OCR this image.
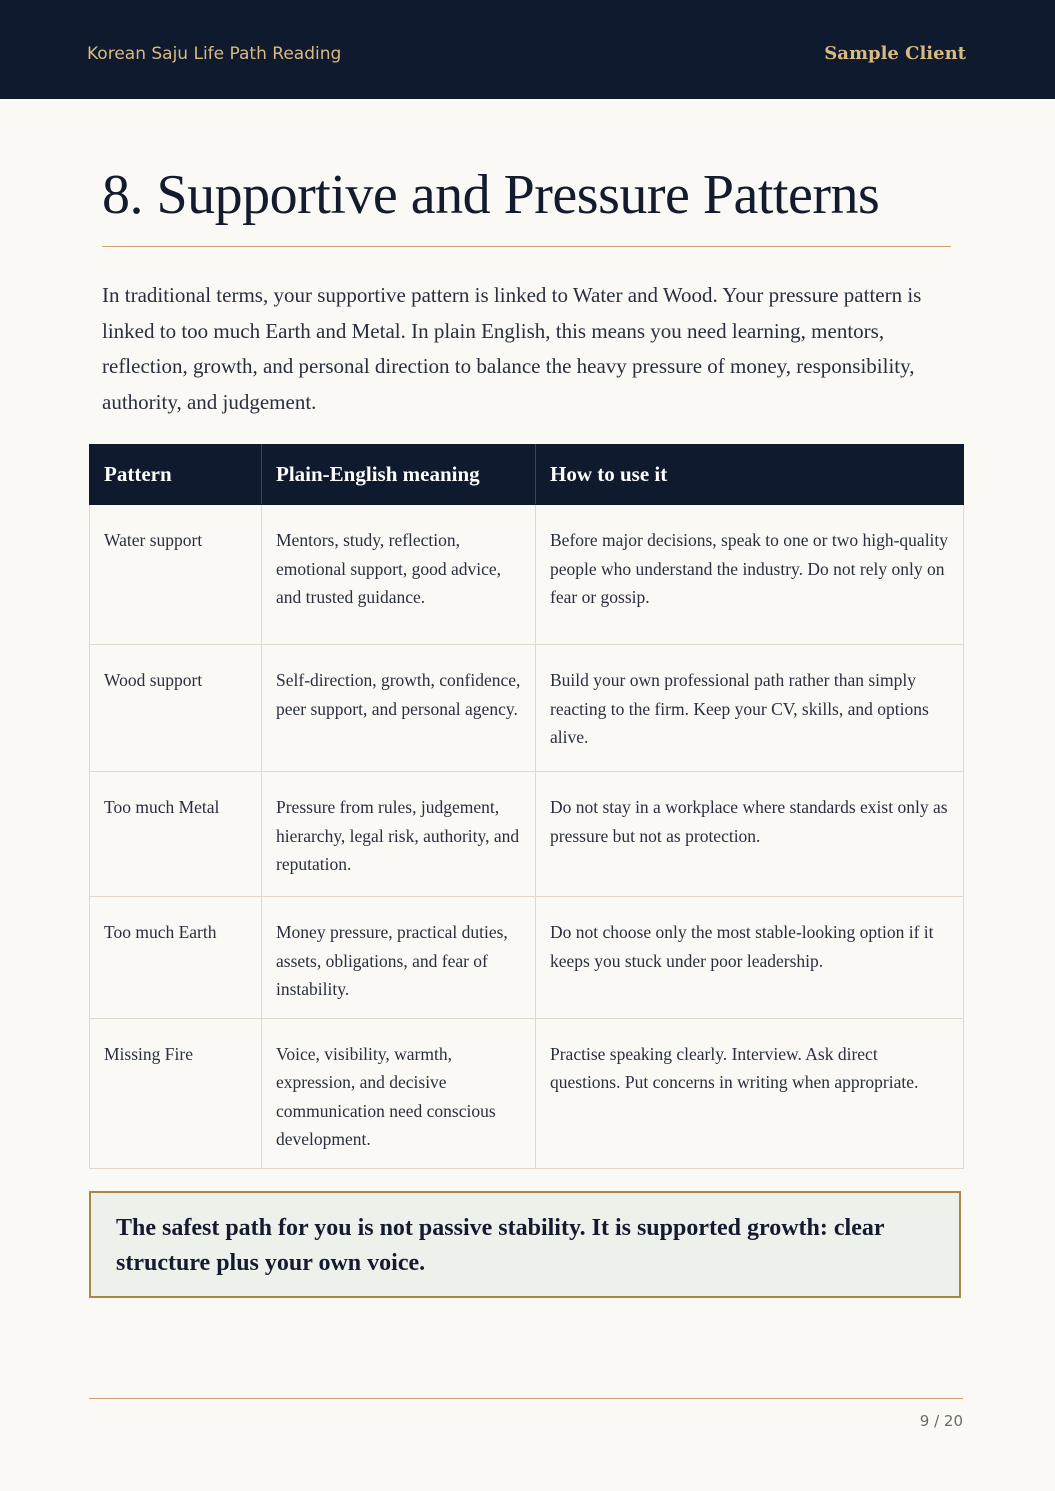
Korean Saju Life Path Reading	Sample Client
8. Supportive and Pressure Patterns

In traditional terms, your supportive pattern is linked to Water and Wood. Your pressure pattern is linked to too much Earth and Metal. In plain English, this means you need learning, mentors, reflection, growth, and personal direction to balance the heavy pressure of money, responsibility, authority, and judgement.

Pattern	Plain-English meaning	How to use it
Water support	Mentors, study, reflection, emotional support, good advice, and trusted guidance.	Before major decisions, speak to one or two high-quality people who understand the industry. Do not rely only on fear or gossip.
Wood support	Self-direction, growth, confidence, peer support, and personal agency.	Build your own professional path rather than simply reacting to the firm. Keep your CV, skills, and options alive.
Too much Metal	Pressure from rules, judgement, hierarchy, legal risk, authority, and reputation.	Do not stay in a workplace where standards exist only as pressure but not as protection.
Too much Earth	Money pressure, practical duties, assets, obligations, and fear of instability.	Do not choose only the most stable-looking option if it keeps you stuck under poor leadership.
Missing Fire	Voice, visibility, warmth, expression, and decisive communication need conscious development.	Practise speaking clearly. Interview. Ask direct questions. Put concerns in writing when appropriate.

The safest path for you is not passive stability. It is supported growth: clear structure plus your own voice.

9 / 20
